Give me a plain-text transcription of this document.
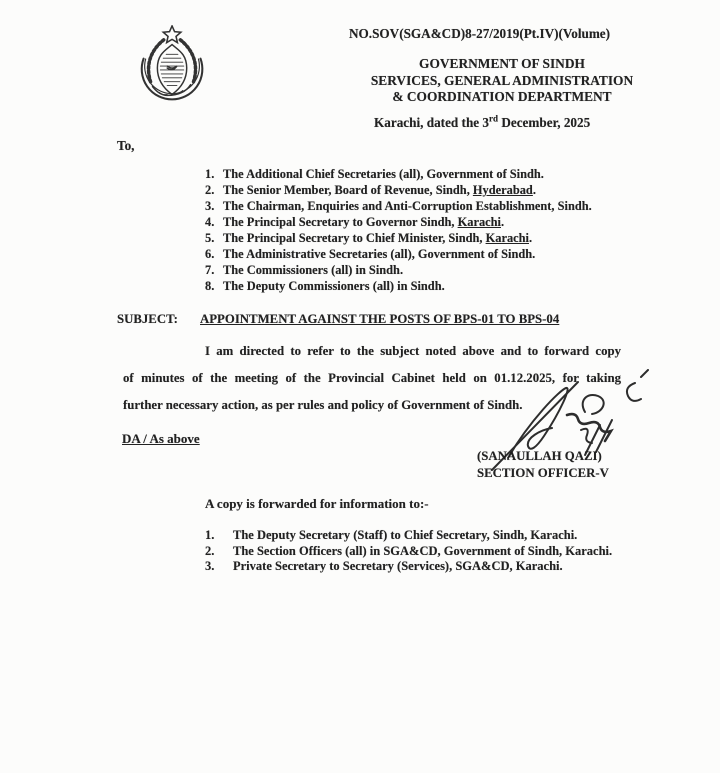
NO.SOV(SGA&CD)8-27/2019(Pt.IV)(Volume)
GOVERNMENT OF SINDH
SERVICES, GENERAL ADMINISTRATION
& COORDINATION DEPARTMENT
Karachi, dated the 3rd December, 2025
To,
1. The Additional Chief Secretaries (all), Government of Sindh.
2. The Senior Member, Board of Revenue, Sindh, Hyderabad.
3. The Chairman, Enquiries and Anti-Corruption Establishment, Sindh.
4. The Principal Secretary to Governor Sindh, Karachi.
5. The Principal Secretary to Chief Minister, Sindh, Karachi.
6. The Administrative Secretaries (all), Government of Sindh.
7. The Commissioners (all) in Sindh.
8. The Deputy Commissioners (all) in Sindh.
SUBJECT: APPOINTMENT AGAINST THE POSTS OF BPS-01 TO BPS-04
I am directed to refer to the subject noted above and to forward copy
of minutes of the meeting of the Provincial Cabinet held on 01.12.2025, for taking
further necessary action, as per rules and policy of Government of Sindh.
DA / As above
(SANAULLAH QAZI)
SECTION OFFICER-V
A copy is forwarded for information to:-
1.	The Deputy Secretary (Staff) to Chief Secretary, Sindh, Karachi.
2.	The Section Officers (all) in SGA&CD, Government of Sindh, Karachi.
3.	Private Secretary to Secretary (Services), SGA&CD, Karachi.
